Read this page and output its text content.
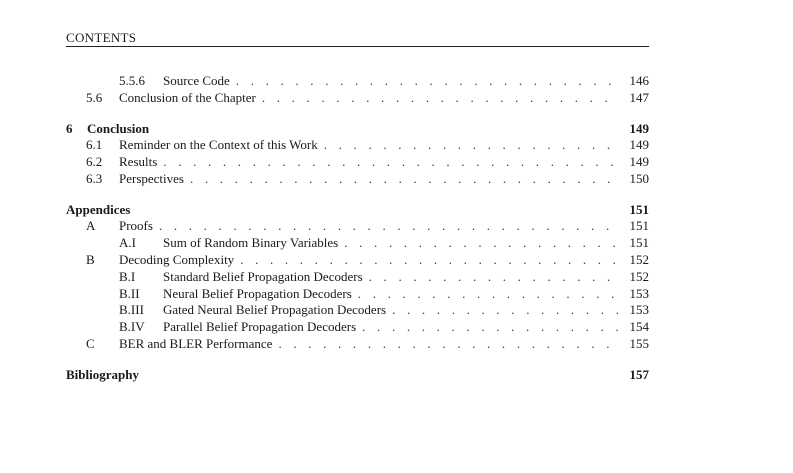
CONTENTS
5.5.6	Source Code . . .	146
5.6	Conclusion of the Chapter . . .	147
6	Conclusion	149
6.1	Reminder on the Context of this Work . . .	149
6.2	Results . . .	149
6.3	Perspectives . . .	150
Appendices	151
A	Proofs . . .	151
A.I	Sum of Random Binary Variables . . .	151
B	Decoding Complexity . . .	152
B.I	Standard Belief Propagation Decoders . . .	152
B.II	Neural Belief Propagation Decoders . . .	153
B.III	Gated Neural Belief Propagation Decoders . . .	153
B.IV	Parallel Belief Propagation Decoders . . .	154
C	BER and BLER Performance . . .	155
Bibliography	157
